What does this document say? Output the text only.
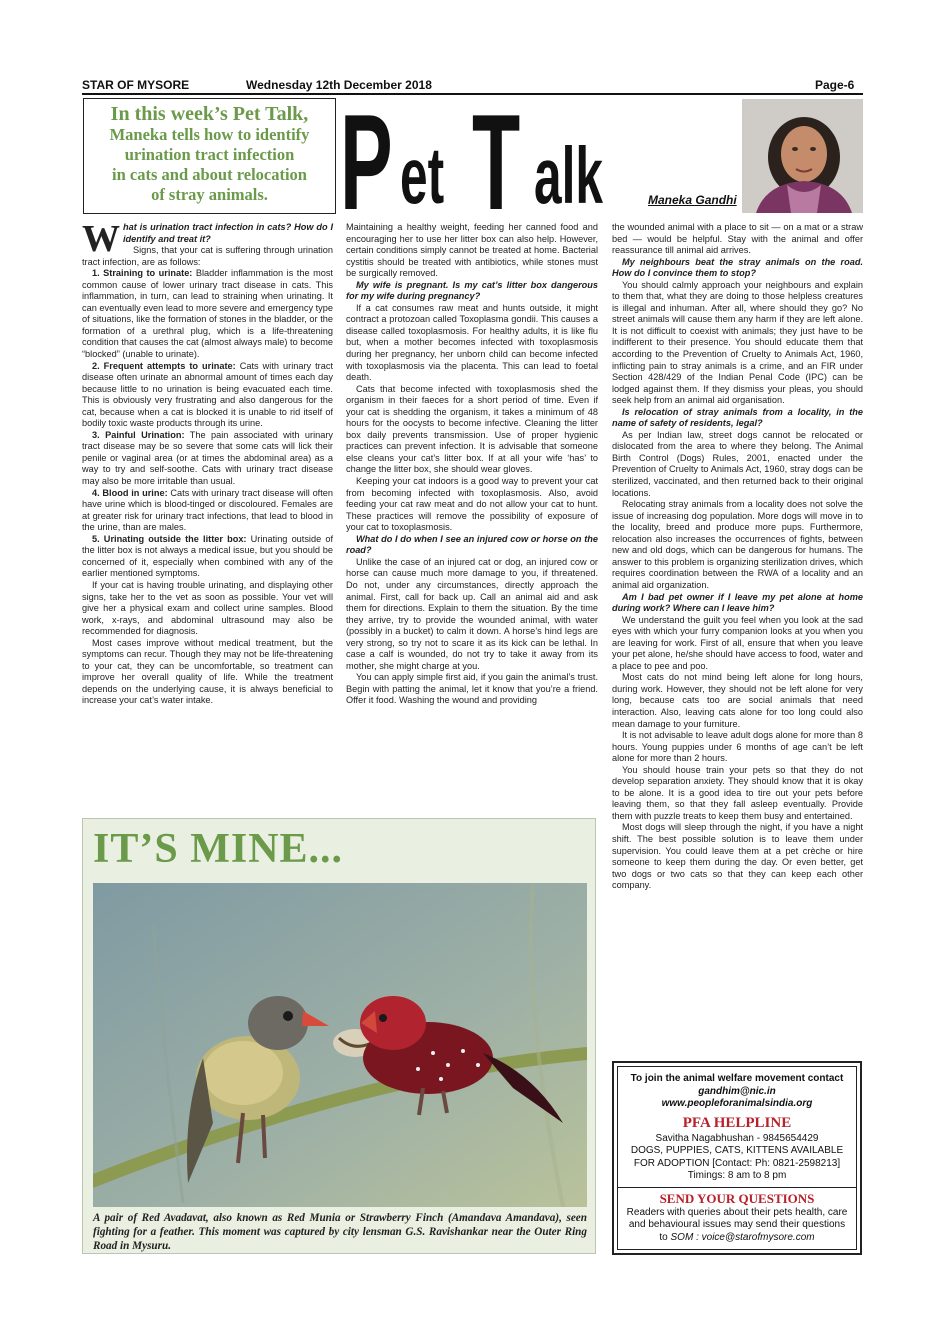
STAR OF MYSORE	Wednesday 12th December 2018	Page-6
In this week’s Pet Talk,
Maneka tells how to identify
urination tract infection
in cats and about relocation
of stray animals. P et T alk	Maneka Gandhi

What is urination tract infection in cats? How do I identify and treat it?

Signs, that your cat is suffering through urination tract infection, are as follows:

1. Straining to urinate: Bladder inflammation is the most common cause of lower urinary tract disease in cats. This inflammation, in turn, can lead to straining when urinating. It can eventually even lead to more severe and emergency type of situations, like the formation of stones in the bladder, or the formation of a urethral plug, which is a life-threatening condition that causes the cat (almost always male) to become “blocked” (unable to urinate).

2. Frequent attempts to urinate: Cats with urinary tract disease often urinate an abnormal amount of times each day because little to no urination is being evacuated each time. This is obviously very frustrating and also dangerous for the cat, because when a cat is blocked it is unable to rid itself of bodily toxic waste products through its urine.

3. Painful Urination: The pain associated with urinary tract disease may be so severe that some cats will lick their penile or vaginal area (or at times the abdominal area) as a way to try and self-soothe. Cats with urinary tract disease may also be more irritable than usual.

4. Blood in urine: Cats with urinary tract disease will often have urine which is blood-tinged or discoloured. Females are at greater risk for urinary tract infections, that lead to blood in the urine, than are males.

5. Urinating outside the litter box: Urinating outside of the litter box is not always a medical issue, but you should be concerned of it, especially when combined with any of the earlier mentioned symptoms.

If your cat is having trouble urinating, and displaying other signs, take her to the vet as soon as possible. Your vet will give her a physical exam and collect urine samples. Blood work, x-rays, and abdominal ultrasound may also be recommended for diagnosis.

Most cases improve without medical treatment, but the symptoms can recur. Though they may not be life-threatening to your cat, they can be uncomfortable, so treatment can improve her overall quality of life. While the treatment depends on the underlying cause, it is always beneficial to increase your cat’s water intake.

Maintaining a healthy weight, feeding her canned food and encouraging her to use her litter box can also help. However, certain conditions simply cannot be treated at home. Bacterial cystitis should be treated with antibiotics, while stones must be surgically removed.

My wife is pregnant. Is my cat’s litter box dangerous for my wife during pregnancy?

If a cat consumes raw meat and hunts outside, it might contract a protozoan called Toxoplasma gondii. This causes a disease called toxoplasmosis. For healthy adults, it is like flu but, when a mother becomes infected with toxoplasmosis during her pregnancy, her unborn child can become infected with toxoplasmosis via the placenta. This can lead to foetal death.

Cats that become infected with toxoplasmosis shed the organism in their faeces for a short period of time. Even if your cat is shedding the organism, it takes a minimum of 48 hours for the oocysts to become infective. Cleaning the litter box daily prevents transmission. Use of proper hygienic practices can prevent infection. It is advisable that someone else cleans your cat’s litter box. If at all your wife ‘has’ to change the litter box, she should wear gloves.

Keeping your cat indoors is a good way to prevent your cat from becoming infected with toxoplasmosis. Also, avoid feeding your cat raw meat and do not allow your cat to hunt. These practices will remove the possibility of exposure of your cat to toxoplasmosis.

What do I do when I see an injured cow or horse on the road?

Unlike the case of an injured cat or dog, an injured cow or horse can cause much more damage to you, if threatened. Do not, under any circumstances, directly approach the animal. First, call for back up. Call an animal aid and ask them for directions. Explain to them the situation. By the time they arrive, try to provide the wounded animal, with water (possibly in a bucket) to calm it down. A horse’s hind legs are very strong, so try not to scare it as its kick can be lethal. In case a calf is wounded, do not try to take it away from its mother, she might charge at you.

You can apply simple first aid, if you gain the animal’s trust. Begin with patting the animal, let it know that you’re a friend. Offer it food. Washing the wound and providing

the wounded animal with a place to sit — on a mat or a straw bed — would be helpful. Stay with the animal and offer reassurance till animal aid arrives.

My neighbours beat the stray animals on the road. How do I convince them to stop?

You should calmly approach your neighbours and explain to them that, what they are doing to those helpless creatures is illegal and inhuman. After all, where should they go? No street animals will cause them any harm if they are left alone. It is not difficult to coexist with animals; they just have to be indifferent to their presence. You should educate them that according to the Prevention of Cruelty to Animals Act, 1960, inflicting pain to stray animals is a crime, and an FIR under Section 428/429 of the Indian Penal Code (IPC) can be lodged against them. If they dismiss your pleas, you should seek help from an animal aid organisation.

Is relocation of stray animals from a locality, in the name of safety of residents, legal?

As per Indian law, street dogs cannot be relocated or dislocated from the area to where they belong. The Animal Birth Control (Dogs) Rules, 2001, enacted under the Prevention of Cruelty to Animals Act, 1960, stray dogs can be sterilized, vaccinated, and then returned back to their original locations.

Relocating stray animals from a locality does not solve the issue of increasing dog population. More dogs will move in to the locality, breed and produce more pups. Furthermore, relocation also increases the occurrences of fights, between new and old dogs, which can be dangerous for humans. The answer to this problem is organizing sterilization drives, which requires coordination between the RWA of a locality and an animal aid organization.

Am I bad pet owner if I leave my pet alone at home during work? Where can I leave him?

We understand the guilt you feel when you look at the sad eyes with which your furry companion looks at you when you are leaving for work. First of all, ensure that when you leave your pet alone, he/she should have access to food, water and a place to pee and poo.

Most cats do not mind being left alone for long hours, during work. However, they should not be left alone for very long, because cats too are social animals that need interaction. Also, leaving cats alone for too long could also mean damage to your furniture.

It is not advisable to leave adult dogs alone for more than 8 hours. Young puppies under 6 months of age can’t be left alone for more than 2 hours.

You should house train your pets so that they do not develop separation anxiety. They should know that it is okay to be alone. It is a good idea to tire out your pets before leaving them, so that they fall asleep eventually. Provide them with puzzle treats to keep them busy and entertained.

Most dogs will sleep through the night, if you have a night shift. The best possible solution is to leave them under supervision. You could leave them at a pet crèche or hire someone to keep them during the day. Or even better, get two dogs or two cats so that they can keep each other company.

IT’S MINE...
A pair of Red Avadavat, also known as Red Munia or Strawberry Finch (Amandava Amandava), seen fighting for a feather. This moment was captured by city lensman G.S. Ravishankar near the Outer Ring Road in Mysuru.
To join the animal welfare movement contact
gandhim@nic.in
www.peopleforanimalsindia.org
PFA HELPLINE
Savitha Nagabhushan - 9845654429
DOGS, PUPPIES, CATS, KITTENS AVAILABLE
FOR ADOPTION [Contact: Ph: 0821-2598213]
Timings: 8 am to 8 pm
SEND YOUR QUESTIONS
Readers with queries about their pets health, care and behavioural issues may send their questions to SOM : voice@starofmysore.com
